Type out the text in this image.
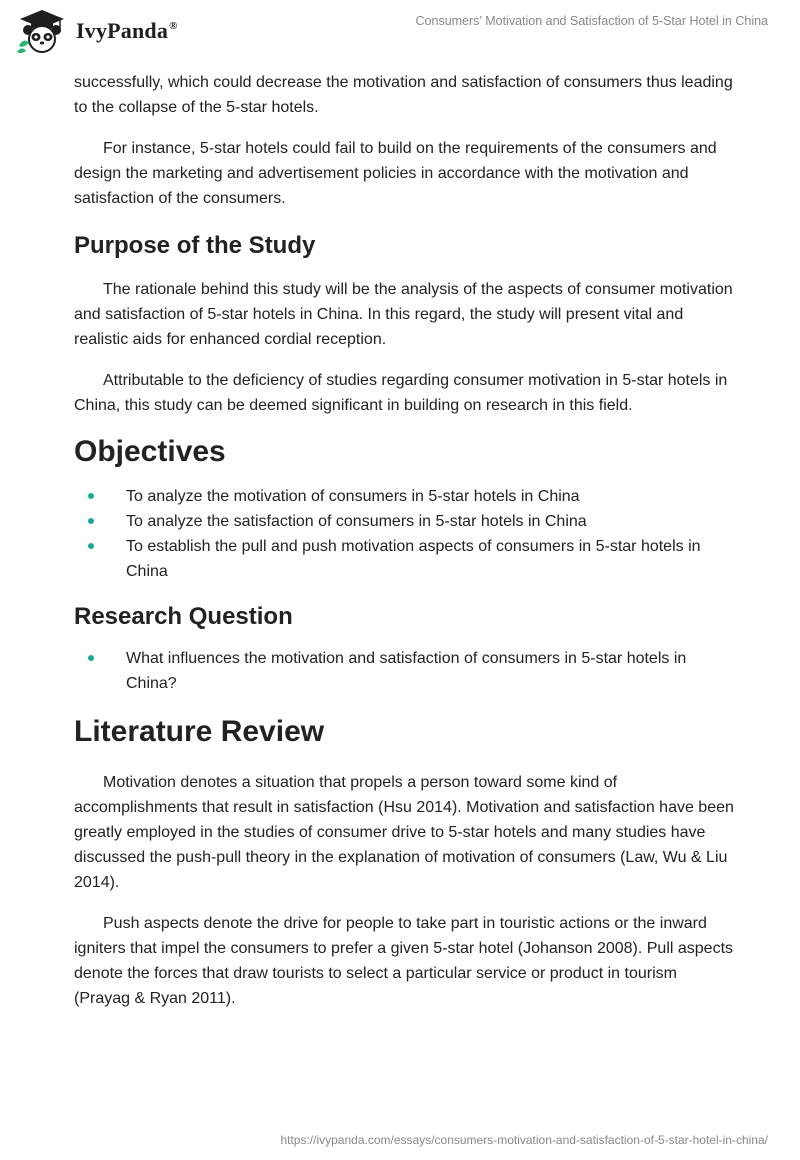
IvyPanda®	Consumers’ Motivation and Satisfaction of 5-Star Hotel in China

successfully, which could decrease the motivation and satisfaction of consumers thus leading to the collapse of the 5-star hotels.

For instance, 5-star hotels could fail to build on the requirements of the consumers and design the marketing and advertisement policies in accordance with the motivation and satisfaction of the consumers.

Purpose of the Study

The rationale behind this study will be the analysis of the aspects of consumer motivation and satisfaction of 5-star hotels in China. In this regard, the study will present vital and realistic aids for enhanced cordial reception.

Attributable to the deficiency of studies regarding consumer motivation in 5-star hotels in China, this study can be deemed significant in building on research in this field.

Objectives
To analyze the motivation of consumers in 5-star hotels in China
To analyze the satisfaction of consumers in 5-star hotels in China
To establish the pull and push motivation aspects of consumers in 5-star hotels in China
Research Question
What influences the motivation and satisfaction of consumers in 5-star hotels in China?
Literature Review

Motivation denotes a situation that propels a person toward some kind of accomplishments that result in satisfaction (Hsu 2014). Motivation and satisfaction have been greatly employed in the studies of consumer drive to 5-star hotels and many studies have discussed the push-pull theory in the explanation of motivation of consumers (Law, Wu & Liu 2014).

Push aspects denote the drive for people to take part in touristic actions or the inward igniters that impel the consumers to prefer a given 5-star hotel (Johanson 2008). Pull aspects denote the forces that draw tourists to select a particular service or product in tourism (Prayag & Ryan 2011).

https://ivypanda.com/essays/consumers-motivation-and-satisfaction-of-5-star-hotel-in-china/
